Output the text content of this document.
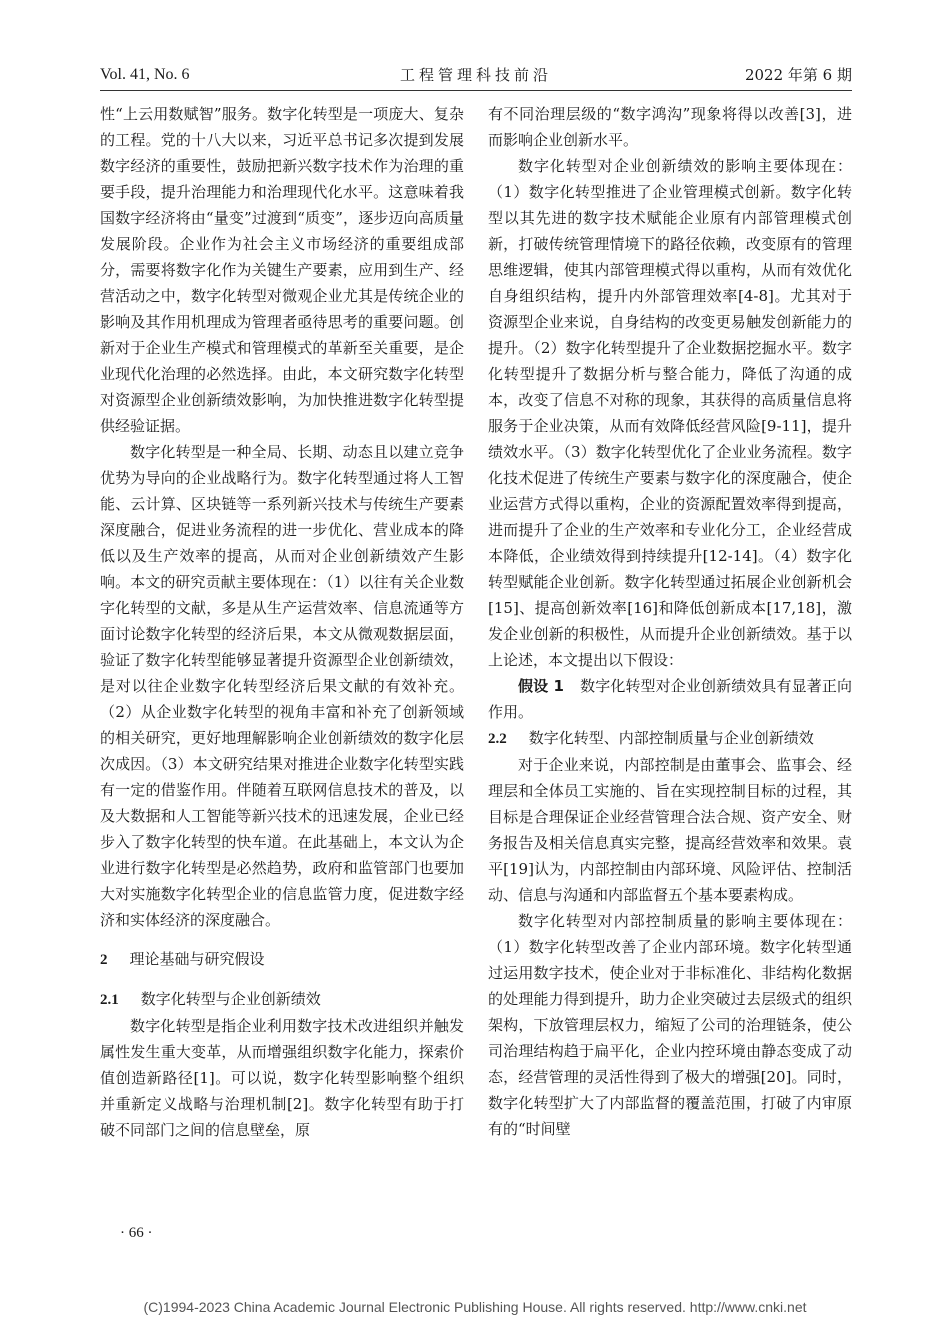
Vol. 41, No. 6	工程管理科技前沿	2022 年第 6 期

性“上云用数赋智”服务。数字化转型是一项庞大、复杂的工程。党的十八大以来，习近平总书记多次提到发展数字经济的重要性，鼓励把新兴数字技术作为治理的重要手段，提升治理能力和治理现代化水平。这意味着我国数字经济将由“量变”过渡到“质变”，逐步迈向高质量发展阶段。企业作为社会主义市场经济的重要组成部分，需要将数字化作为关键生产要素，应用到生产、经营活动之中，数字化转型对微观企业尤其是传统企业的影响及其作用机理成为管理者亟待思考的重要问题。创新对于企业生产模式和管理模式的革新至关重要，是企业现代化治理的必然选择。由此，本文研究数字化转型对资源型企业创新绩效影响，为加快推进数字化转型提供经验证据。

数字化转型是一种全局、长期、动态且以建立竞争优势为导向的企业战略行为。数字化转型通过将人工智能、云计算、区块链等一系列新兴技术与传统生产要素深度融合，促进业务流程的进一步优化、营业成本的降低以及生产效率的提高，从而对企业创新绩效产生影响。本文的研究贡献主要体现在：（1）以往有关企业数字化转型的文献，多是从生产运营效率、信息流通等方面讨论数字化转型的经济后果，本文从微观数据层面，验证了数字化转型能够显著提升资源型企业创新绩效，是对以往企业数字化转型经济后果文献的有效补充。（2）从企业数字化转型的视角丰富和补充了创新领域的相关研究，更好地理解影响企业创新绩效的数字化层次成因。（3）本文研究结果对推进企业数字化转型实践有一定的借鉴作用。伴随着互联网信息技术的普及，以及大数据和人工智能等新兴技术的迅速发展，企业已经步入了数字化转型的快车道。在此基础上，本文认为企业进行数字化转型是必然趋势，政府和监管部门也要加大对实施数字化转型企业的信息监管力度，促进数字经济和实体经济的深度融合。

2 理论基础与研究假设

2.1 数字化转型与企业创新绩效

数字化转型是指企业利用数字技术改进组织并触发属性发生重大变革，从而增强组织数字化能力，探索价值创造新路径[1]。可以说，数字化转型影响整个组织并重新定义战略与治理机制[2]。数字化转型有助于打破不同部门之间的信息壁垒，原

有不同治理层级的“数字鸿沟”现象将得以改善[3]，进而影响企业创新水平。

数字化转型对企业创新绩效的影响主要体现在：（1）数字化转型推进了企业管理模式创新。数字化转型以其先进的数字技术赋能企业原有内部管理模式创新，打破传统管理情境下的路径依赖，改变原有的管理思维逻辑，使其内部管理模式得以重构，从而有效优化自身组织结构，提升内外部管理效率[4-8]。尤其对于资源型企业来说，自身结构的改变更易触发创新能力的提升。（2）数字化转型提升了企业数据挖掘水平。数字化转型提升了数据分析与整合能力，降低了沟通的成本，改变了信息不对称的现象，其获得的高质量信息将服务于企业决策，从而有效降低经营风险[9-11]，提升绩效水平。（3）数字化转型优化了企业业务流程。数字化技术促进了传统生产要素与数字化的深度融合，使企业运营方式得以重构，企业的资源配置效率得到提高，进而提升了企业的生产效率和专业化分工，企业经营成本降低，企业绩效得到持续提升[12-14]。（4）数字化转型赋能企业创新。数字化转型通过拓展企业创新机会[15]、提高创新效率[16]和降低创新成本[17,18]，激发企业创新的积极性，从而提升企业创新绩效。基于以上论述，本文提出以下假设：

假设 1 数字化转型对企业创新绩效具有显著正向作用。

2.2 数字化转型、内部控制质量与企业创新绩效

对于企业来说，内部控制是由董事会、监事会、经理层和全体员工实施的、旨在实现控制目标的过程，其目标是合理保证企业经营管理合法合规、资产安全、财务报告及相关信息真实完整，提高经营效率和效果。袁平[19]认为，内部控制由内部环境、风险评估、控制活动、信息与沟通和内部监督五个基本要素构成。

数字化转型对内部控制质量的影响主要体现在：（1）数字化转型改善了企业内部环境。数字化转型通过运用数字技术，使企业对于非标准化、非结构化数据的处理能力得到提升，助力企业突破过去层级式的组织架构，下放管理层权力，缩短了公司的治理链条，使公司治理结构趋于扁平化，企业内控环境由静态变成了动态，经营管理的灵活性得到了极大的增强[20]。同时，数字化转型扩大了内部监督的覆盖范围，打破了内审原有的“时间壁

· 66 ·
(C)1994-2023 China Academic Journal Electronic Publishing House. All rights reserved. http://www.cnki.net
